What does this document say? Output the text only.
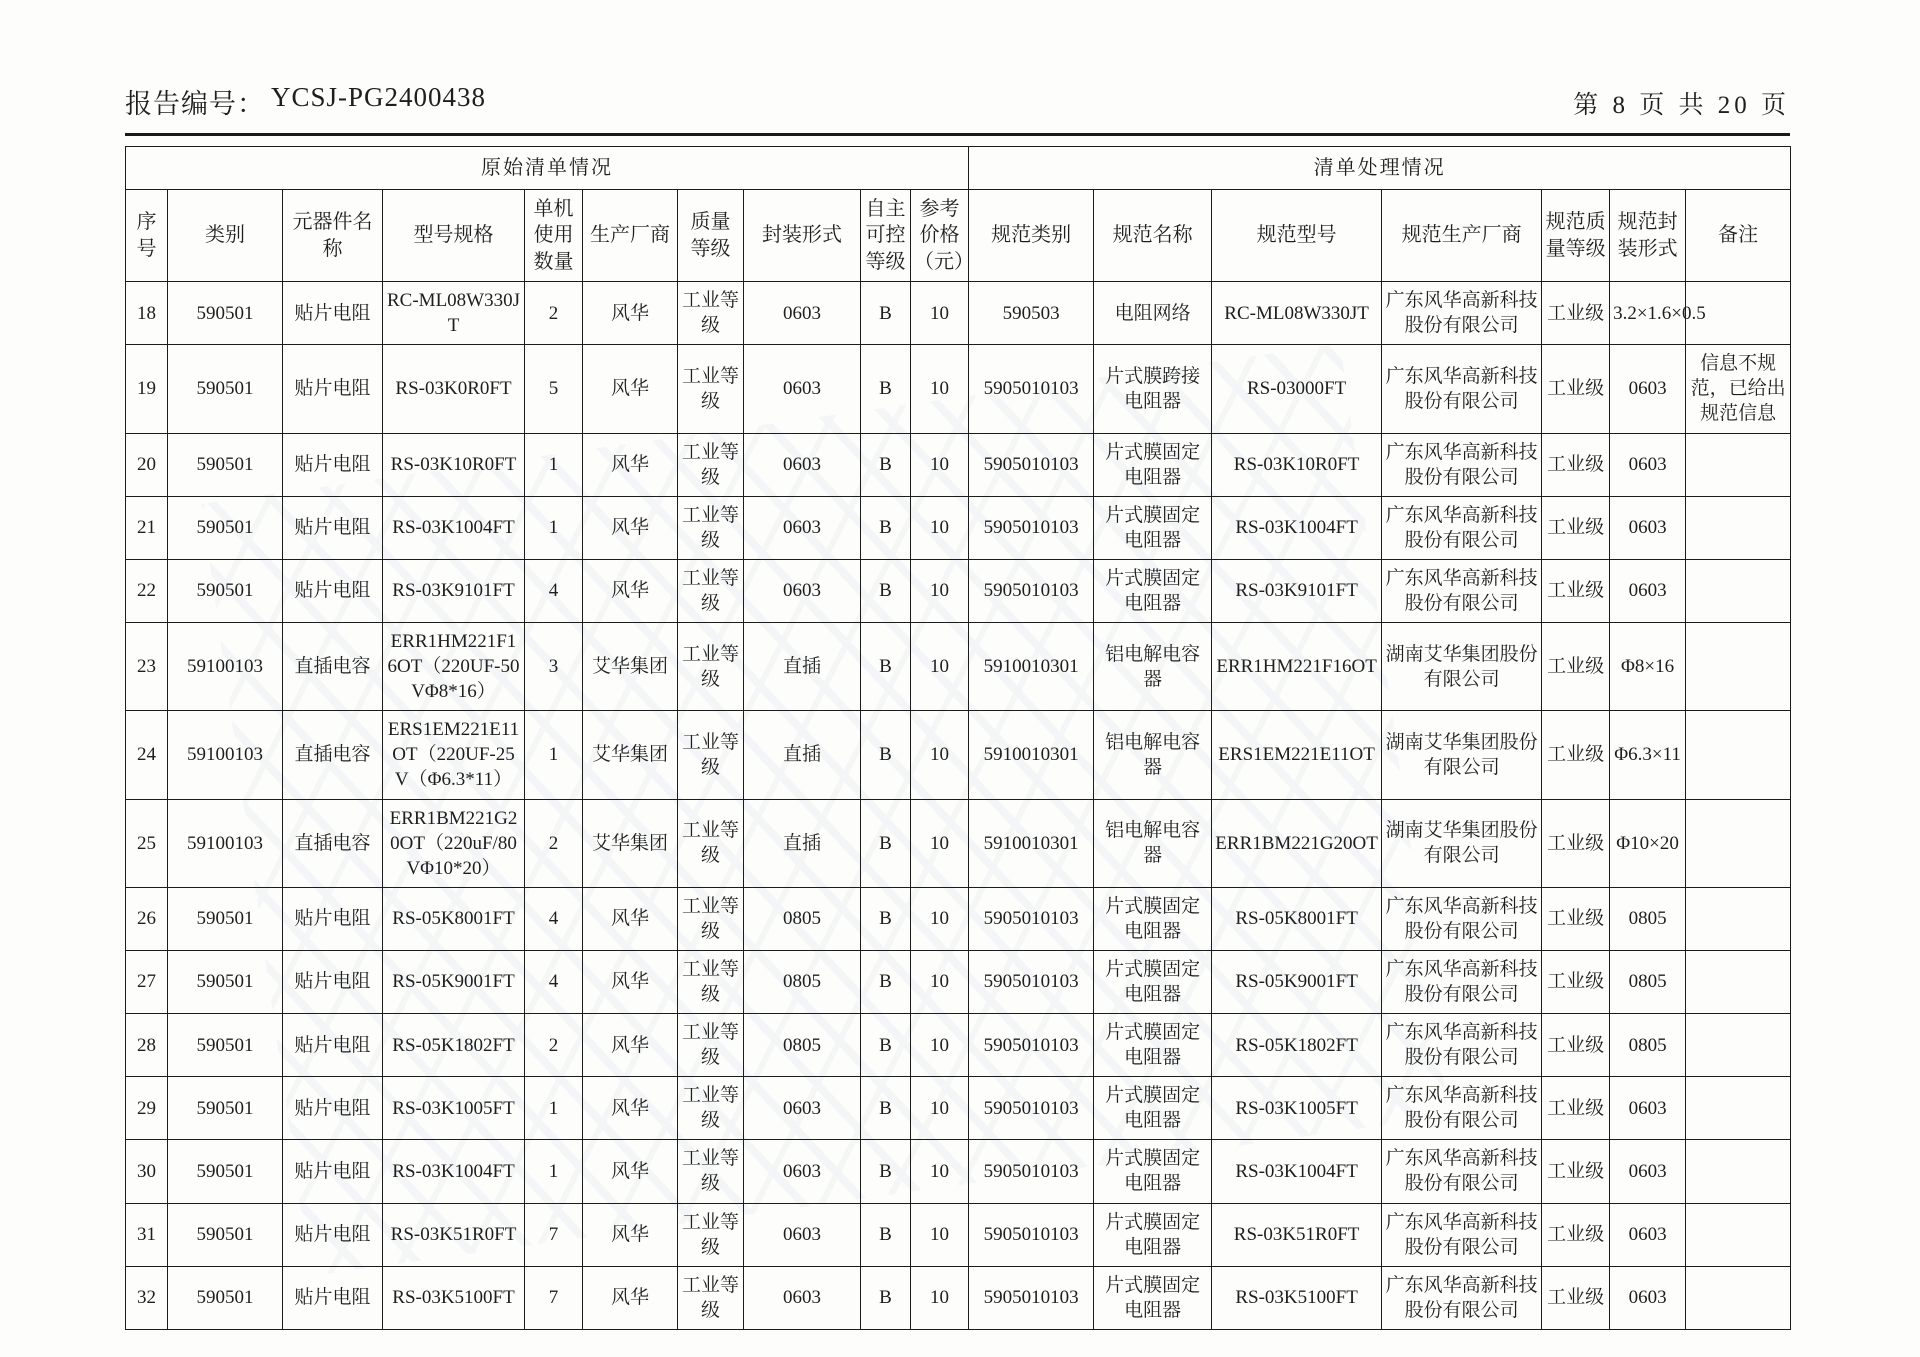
报告编号： YCSJ-PG2400438	第 8 页 共 20 页
原始清单情况										清单处理情况						
序号	类别	元器件名称	型号规格	单机使用数量	生产厂商	质量等级	封装形式	自主可控等级	参考价格（元）	规范类别	规范名称	规范型号	规范生产厂商	规范质量等级	规范封装形式	备注
18	590501	贴片电阻	RC-ML08W330JT	2	风华	工业等级	0603	B	10	590503	电阻网络	RC-ML08W330JT	广东风华高新科技股份有限公司	工业级	3.2×1.6×0.5	
19	590501	贴片电阻	RS-03K0R0FT	5	风华	工业等级	0603	B	10	5905010103	片式膜跨接电阻器	RS-03000FT	广东风华高新科技股份有限公司	工业级	0603	信息不规范，已给出规范信息
20	590501	贴片电阻	RS-03K10R0FT	1	风华	工业等级	0603	B	10	5905010103	片式膜固定电阻器	RS-03K10R0FT	广东风华高新科技股份有限公司	工业级	0603	
21	590501	贴片电阻	RS-03K1004FT	1	风华	工业等级	0603	B	10	5905010103	片式膜固定电阻器	RS-03K1004FT	广东风华高新科技股份有限公司	工业级	0603	
22	590501	贴片电阻	RS-03K9101FT	4	风华	工业等级	0603	B	10	5905010103	片式膜固定电阻器	RS-03K9101FT	广东风华高新科技股份有限公司	工业级	0603	
23	59100103	直插电容	ERR1HM221F16OT（220UF-50VΦ8*16）	3	艾华集团	工业等级	直插	B	10	5910010301	铝电解电容器	ERR1HM221F16OT	湖南艾华集团股份有限公司	工业级	Φ8×16	
24	59100103	直插电容	ERS1EM221E11OT（220UF-25V（Φ6.3*11）	1	艾华集团	工业等级	直插	B	10	5910010301	铝电解电容器	ERS1EM221E11OT	湖南艾华集团股份有限公司	工业级	Φ6.3×11	
25	59100103	直插电容	ERR1BM221G20OT（220uF/80VΦ10*20）	2	艾华集团	工业等级	直插	B	10	5910010301	铝电解电容器	ERR1BM221G20OT	湖南艾华集团股份有限公司	工业级	Φ10×20	
26	590501	贴片电阻	RS-05K8001FT	4	风华	工业等级	0805	B	10	5905010103	片式膜固定电阻器	RS-05K8001FT	广东风华高新科技股份有限公司	工业级	0805	
27	590501	贴片电阻	RS-05K9001FT	4	风华	工业等级	0805	B	10	5905010103	片式膜固定电阻器	RS-05K9001FT	广东风华高新科技股份有限公司	工业级	0805	
28	590501	贴片电阻	RS-05K1802FT	2	风华	工业等级	0805	B	10	5905010103	片式膜固定电阻器	RS-05K1802FT	广东风华高新科技股份有限公司	工业级	0805	
29	590501	贴片电阻	RS-03K1005FT	1	风华	工业等级	0603	B	10	5905010103	片式膜固定电阻器	RS-03K1005FT	广东风华高新科技股份有限公司	工业级	0603	
30	590501	贴片电阻	RS-03K1004FT	1	风华	工业等级	0603	B	10	5905010103	片式膜固定电阻器	RS-03K1004FT	广东风华高新科技股份有限公司	工业级	0603	
31	590501	贴片电阻	RS-03K51R0FT	7	风华	工业等级	0603	B	10	5905010103	片式膜固定电阻器	RS-03K51R0FT	广东风华高新科技股份有限公司	工业级	0603	
32	590501	贴片电阻	RS-03K5100FT	7	风华	工业等级	0603	B	10	5905010103	片式膜固定电阻器	RS-03K5100FT	广东风华高新科技股份有限公司	工业级	0603	
